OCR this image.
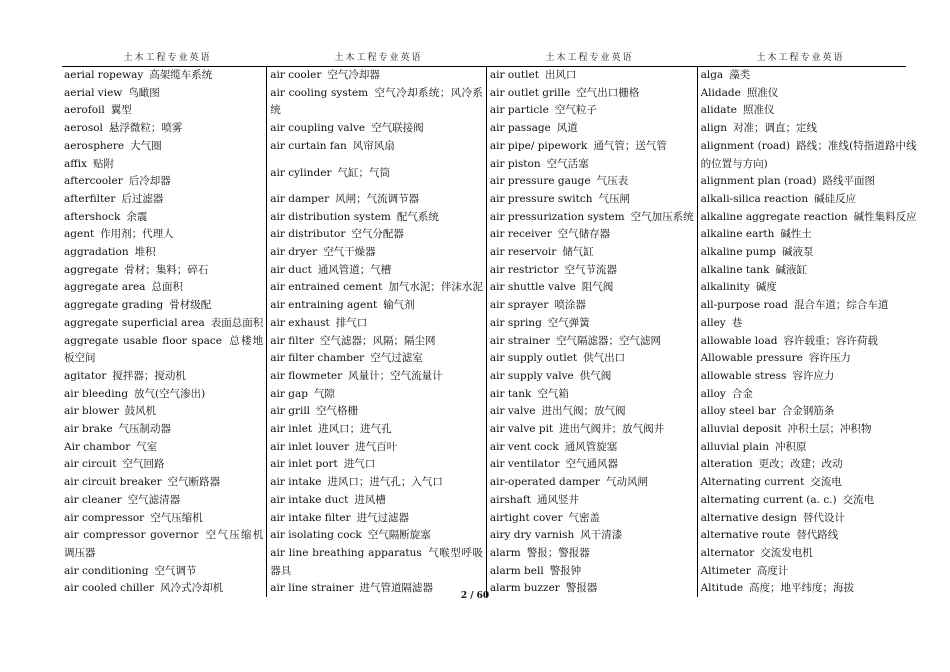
土木工程专业英语	土木工程专业英语	土木工程专业英语	土木工程专业英语
aerial ropeway 高架缆车系统
aerial view 鸟瞰图
aerofoil 翼型
aerosol 悬浮微粒；喷雾
aerosphere 大气圈
affix 贴附
aftercooler 后冷却器
afterfilter 后过滤器
aftershock 余震
agent 作用剂；代理人
aggradation 堆积
aggregate 骨材；集料；碎石
aggregate area 总面积
aggregate grading 骨材级配
aggregate superficial area 表面总面积
aggregate usable floor space 总楼地板空间
agitator 搅拌器；搅动机
air bleeding 放气(空气渗出)
air blower 鼓风机
air brake 气压制动器
Air chambor 气室
air circuit 空气回路
air circuit breaker 空气断路器
air cleaner 空气滤清器
air compressor 空气压缩机
air compressor governor 空气压缩机调压器
air conditioning 空气调节
air cooled chiller 风冷式冷却机
air cooler 空气冷却器
air cooling system 空气冷却系统；风冷系统
air coupling valve 空气联接阀
air curtain fan 风帘风扇
air cylinder 气缸；气筒
air damper 风闸；气流调节器
air distribution system 配气系统
air distributor 空气分配器
air dryer 空气干燥器
air duct 通风管道；气槽
air entrained cement 加气水泥；伴沫水泥
air entraining agent 输气剂
air exhaust 排气口
air filter 空气滤器；风隔；隔尘网
air filter chamber 空气过滤室
air flowmeter 风量计；空气流量计
air gap 气隙
air grill 空气格栅
air inlet 进风口；进气孔
air inlet louver 进气百叶
air inlet port 进气口
air intake 进风口；进气孔；入气口
air intake duct 进风槽
air intake filter 进气过滤器
air isolating cock 空气隔断旋塞
air line breathing apparatus 气喉型呼吸器具
air line strainer 进气管道隔滤器
air outlet 出风口
air outlet grille 空气出口栅格
air particle 空气粒子
air passage 风道
air pipe/ pipework 通气管；送气管
air piston 空气活塞
air pressure gauge 气压表
air pressure switch 气压闸
air pressurization system 空气加压系统
air receiver 空气储存器
air reservoir 储气缸
air restrictor 空气节流器
air shuttle valve 阻气阀
air sprayer 喷涂器
air spring 空气弹簧
air strainer 空气隔滤器；空气滤网
air supply outlet 供气出口
air supply valve 供气阀
air tank 空气箱
air valve 进出气阀；放气阀
air valve pit 进出气阀井；放气阀井
air vent cock 通风管旋塞
air ventilator 空气通风器
air-operated damper 气动风闸
airshaft 通风竖井
airtight cover 气密盖
airy dry varnish 风干清漆
alarm 警报；警报器
alarm bell 警报钟
alarm buzzer 警报器
alga 藻类
Alidade 照准仪
alidate 照准仪
align 对准；调直；定线
alignment (road) 路线；准线(特指道路中线的位置与方向)
alignment plan (road) 路线平面图
alkali-silica reaction 碱硅反应
alkaline aggregate reaction 碱性集料反应
alkaline earth 碱性土
alkaline pump 碱液泵
alkaline tank 碱液缸
alkalinity 碱度
all-purpose road 混合车道；综合车道
alley 巷
allowable load 容许载重；容许荷载
Allowable pressure 容许压力
allowable stress 容许应力
alloy 合金
alloy steel bar 合金钢筋条
alluvial deposit 冲积土层；冲积物
alluvial plain 冲积原
alteration 更改；改建；改动
Alternating current 交流电
alternating current (a. c.) 交流电
alternative design 替代设计
alternative route 替代路线
alternator 交流发电机
Altimeter 高度计
Altitude 高度；地平纬度；海拔
2 / 60
